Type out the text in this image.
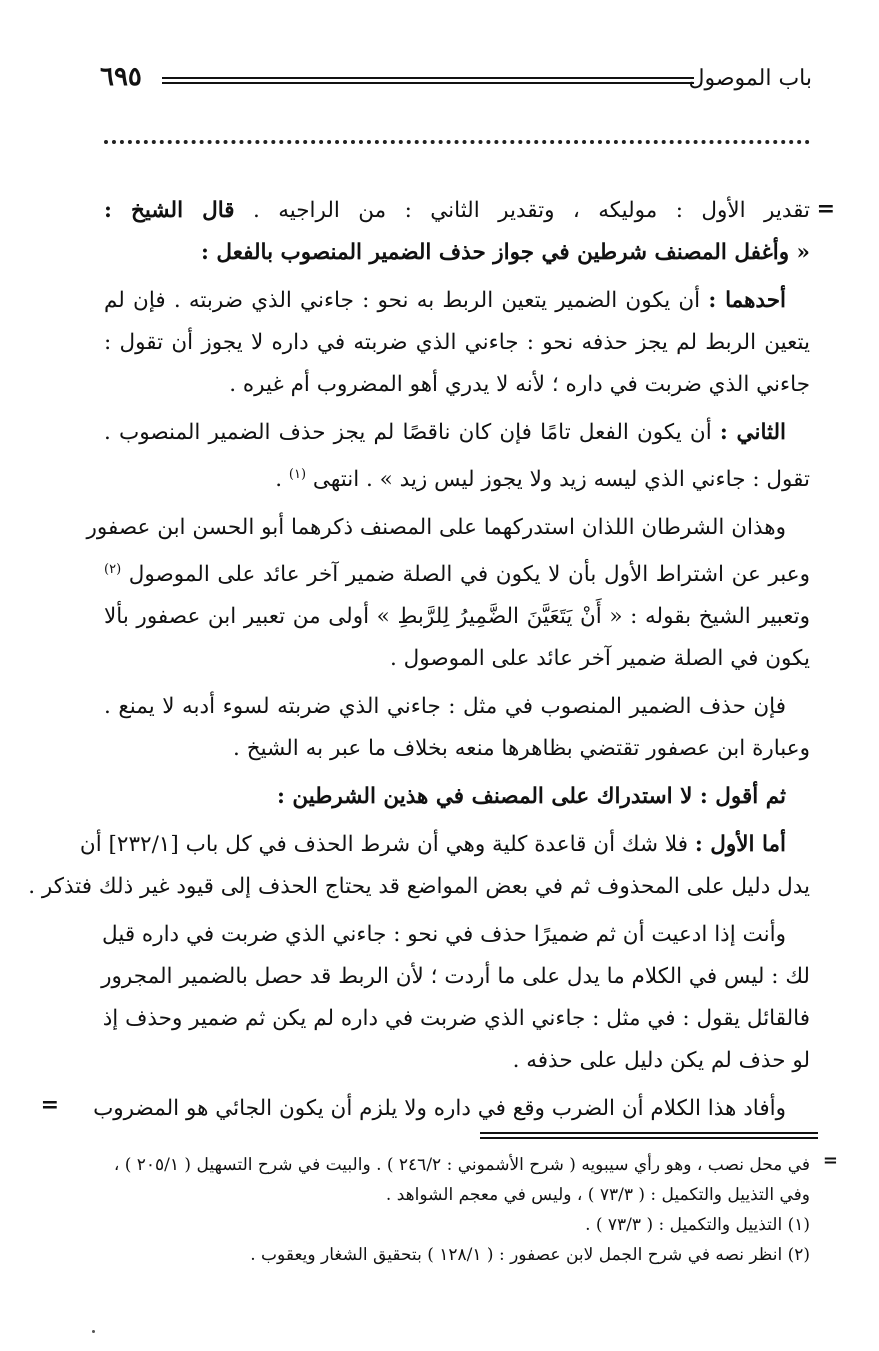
باب الموصول
٦٩٥
=
تقدير الأول : موليكه ، وتقدير الثاني : من الراجيه . قال الشيخ :
« وأغفل المصنف شرطين في جواز حذف الضمير المنصوب بالفعل :
أحدهما : أن يكون الضمير يتعين الربط به نحو : جاءني الذي ضربته . فإن لم
يتعين الربط لم يجز حذفه نحو : جاءني الذي ضربته في داره لا يجوز أن تقول :
جاءني الذي ضربت في داره ؛ لأنه لا يدري أهو المضروب أم غيره .
الثاني : أن يكون الفعل تامًا فإن كان ناقصًا لم يجز حذف الضمير المنصوب .
تقول : جاءني الذي ليسه زيد ولا يجوز ليس زيد » . انتهى $^{(١)}$ .
وهذان الشرطان اللذان استدركهما على المصنف ذكرهما أبو الحسن ابن عصفور
وعبر عن اشتراط الأول بأن لا يكون في الصلة ضمير آخر عائد على الموصول $^{(٢)}$
وتعبير الشيخ بقوله : « أَنْ يَتَعَيَّنَ الضَّمِيرُ لِلرَّبطِ » أولى من تعبير ابن عصفور بألا
يكون في الصلة ضمير آخر عائد على الموصول .
فإن حذف الضمير المنصوب في مثل : جاءني الذي ضربته لسوء أدبه لا يمنع .
وعبارة ابن عصفور تقتضي بظاهرها منعه بخلاف ما عبر به الشيخ .
ثم أقول : لا استدراك على المصنف في هذين الشرطين :
أما الأول : فلا شك أن قاعدة كلية وهي أن شرط الحذف في كل باب [٢٣٢/١] أن
يدل دليل على المحذوف ثم في بعض المواضع قد يحتاج الحذف إلى قيود غير ذلك فتذكر .
وأنت إذا ادعيت أن ثم ضميرًا حذف في نحو : جاءني الذي ضربت في داره قيل
لك : ليس في الكلام ما يدل على ما أردت ؛ لأن الربط قد حصل بالضمير المجرور
فالقائل يقول : في مثل : جاءني الذي ضربت في داره لم يكن ثم ضمير وحذف إذ
لو حذف لم يكن دليل على حذفه .
وأفاد هذا الكلام أن الضرب وقع في داره ولا يلزم أن يكون الجائي هو المضروب
=
=
في محل نصب ، وهو رأي سيبويه ( شرح الأشموني : ٢٤٦/٢ ) . والبيت في شرح التسهيل ( ٢٠٥/١ ) ،
وفي التذييل والتكميل : ( ٧٣/٣ ) ، وليس في معجم الشواهد .
(١) التذييل والتكميل : ( ٧٣/٣ ) .
(٢) انظر نصه في شرح الجمل لابن عصفور : ( ١٢٨/١ ) بتحقيق الشغار ويعقوب .
